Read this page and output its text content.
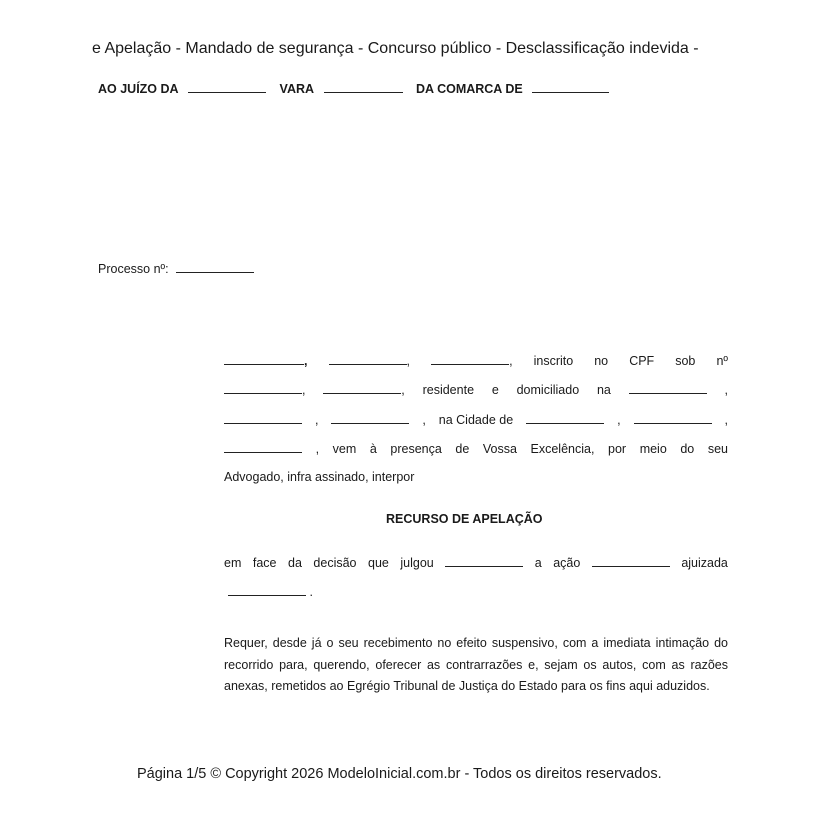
e Apelação - Mandado de segurança - Concurso público - Desclassificação indevida -
AO JUÍZO DA	VARA	DA COMARCA DE
Processo nº:
,	,	, inscrito no CPF sob nº
,	, residente e domiciliado na	,
,	, na Cidade de	,	,
, vem à presença de Vossa Excelência, por meio do seu
Advogado, infra assinado, interpor
RECURSO DE APELAÇÃO
em face da decisão que julgou	a ação	ajuizada
.
Requer, desde já o seu recebimento no efeito suspensivo, com a imediata intimação do recorrido para, querendo, oferecer as contrarrazões e, sejam os autos, com as razões anexas, remetidos ao Egrégio Tribunal de Justiça do Estado para os fins aqui aduzidos.
Página 1/5 © Copyright 2026 ModeloInicial.com.br - Todos os direitos reservados.
